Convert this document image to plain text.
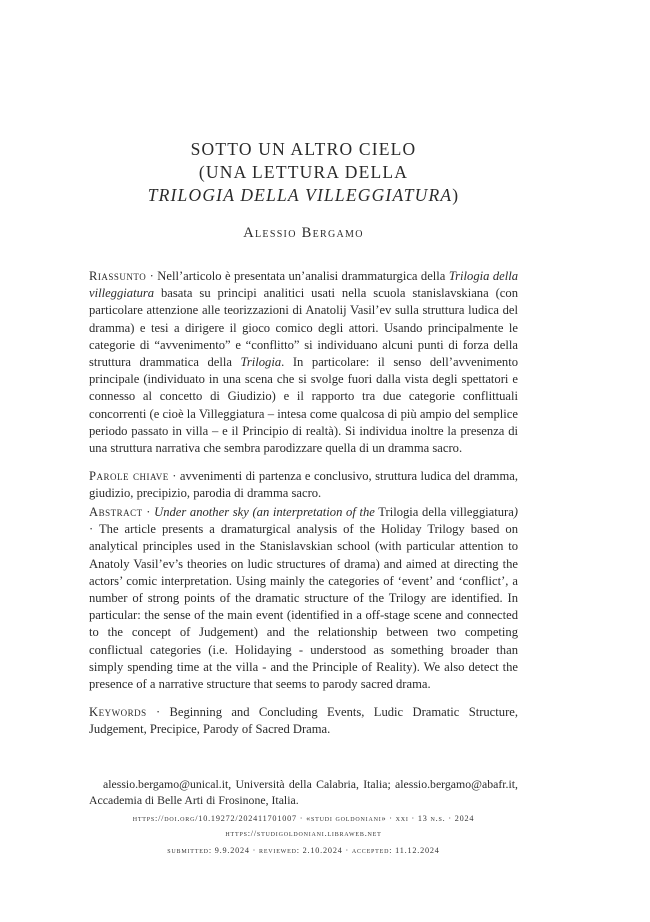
SOTTO UN ALTRO CIELO
(UNA LETTURA DELLA
TRILOGIA DELLA VILLEGGIATURA)
Alessio Bergamo
Riassunto · Nell’articolo è presentata un’analisi drammaturgica della Trilogia della villeggiatura basata su principi analitici usati nella scuola stanislavskiana (con particolare attenzione alle teorizzazioni di Anatolij Vasil’ev sulla struttura ludica del dramma) e tesi a dirigere il gioco comico degli attori. Usando principalmente le categorie di “avvenimento” e “conflitto” si individuano alcuni punti di forza della struttura drammatica della Trilogia. In particolare: il senso dell’avvenimento principale (individuato in una scena che si svolge fuori dalla vista degli spettatori e connesso al concetto di Giudizio) e il rapporto tra due categorie conflittuali concorrenti (e cioè la Villeggiatura – intesa come qualcosa di più ampio del semplice periodo passato in villa – e il Principio di realtà). Si individua inoltre la presenza di una struttura narrativa che sembra parodizzare quella di un dramma sacro.
Parole chiave · avvenimenti di partenza e conclusivo, struttura ludica del dramma, giudizio, precipizio, parodia di dramma sacro.
Abstract · Under another sky (an interpretation of the Trilogia della villeggiatura) · The article presents a dramaturgical analysis of the Holiday Trilogy based on analytical principles used in the Stanislavskian school (with particular attention to Anatoly Vasil’ev’s theories on ludic structures of drama) and aimed at directing the actors’ comic interpretation. Using mainly the categories of ‘event’ and ‘conflict’, a number of strong points of the dramatic structure of the Trilogy are identified. In particular: the sense of the main event (identified in a off-stage scene and connected to the concept of Judgement) and the relationship between two competing conflictual categories (i.e. Holidaying - understood as something broader than simply spending time at the villa - and the Principle of Reality). We also detect the presence of a narrative structure that seems to parody sacred drama.
Keywords · Beginning and Concluding Events, Ludic Dramatic Structure, Judgement, Precipice, Parody of Sacred Drama.
alessio.bergamo@unical.it, Università della Calabria, Italia; alessio.bergamo@abafr.it, Accademia di Belle Arti di Frosinone, Italia.
https://doi.org/10.19272/202411701007 · «studi goldoniani» · xxi · 13 n.s. · 2024
https://studigoldoniani.libraweb.net
submitted: 9.9.2024 · reviewed: 2.10.2024 · accepted: 11.12.2024
